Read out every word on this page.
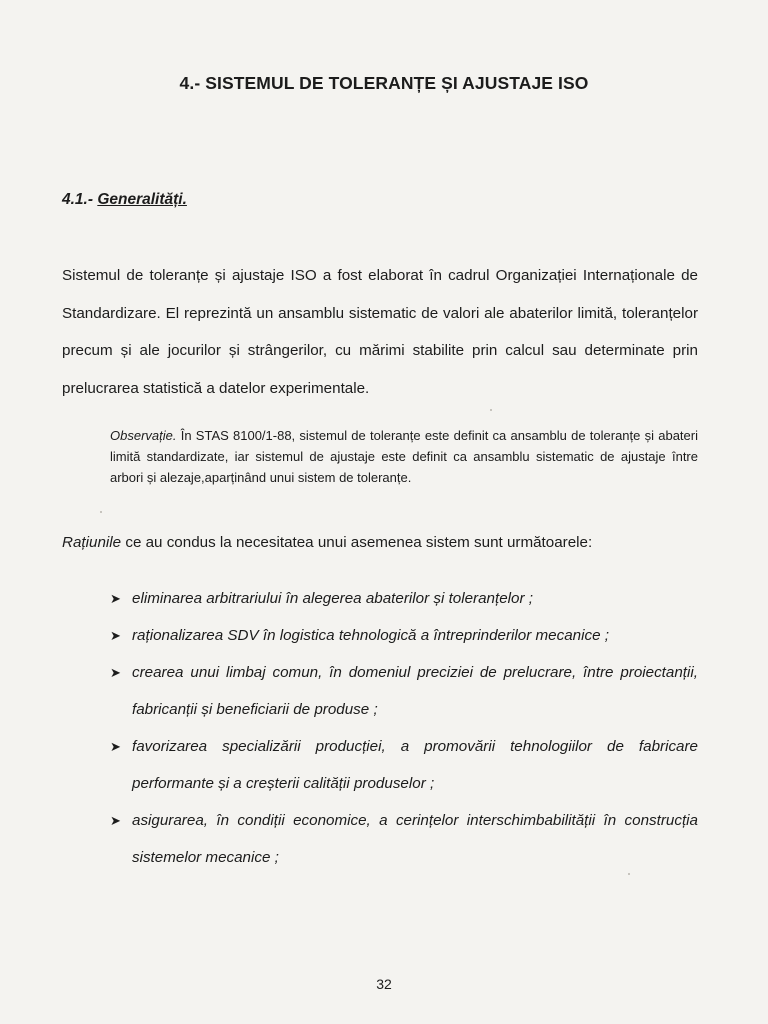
4.- SISTEMUL DE TOLERANȚE ȘI AJUSTAJE ISO
4.1.- Generalități.

Sistemul de toleranțe și ajustaje ISO a fost elaborat în cadrul Organizației Internaționale de Standardizare. El reprezintă un ansamblu sistematic de valori ale abaterilor limită, toleranțelor precum și ale jocurilor și strângerilor, cu mărimi stabilite prin calcul sau determinate prin prelucrarea statistică a datelor experimentale.

Observație. În STAS 8100/1-88, sistemul de toleranțe este definit ca ansamblu de toleranțe și abateri limită standardizate, iar sistemul de ajustaje este definit ca ansamblu sistematic de ajustaje între arbori și alezaje,aparținând unui sistem de toleranțe.

Rațiunile ce au condus la necesitatea unui asemenea sistem sunt următoarele:

➤ eliminarea arbitrariului în alegerea abaterilor și toleranțelor ;
➤ raționalizarea SDV în logistica tehnologică a întreprinderilor mecanice ;
➤ crearea unui limbaj comun, în domeniul preciziei de prelucrare, între proiectanții, fabricanții și beneficiarii de produse ;
➤ favorizarea specializării producției, a promovării tehnologiilor de fabricare performante și a creșterii calității produselor ;
➤ asigurarea, în condiții economice, a cerințelor interschimbabilității în construcția sistemelor mecanice ;
32
